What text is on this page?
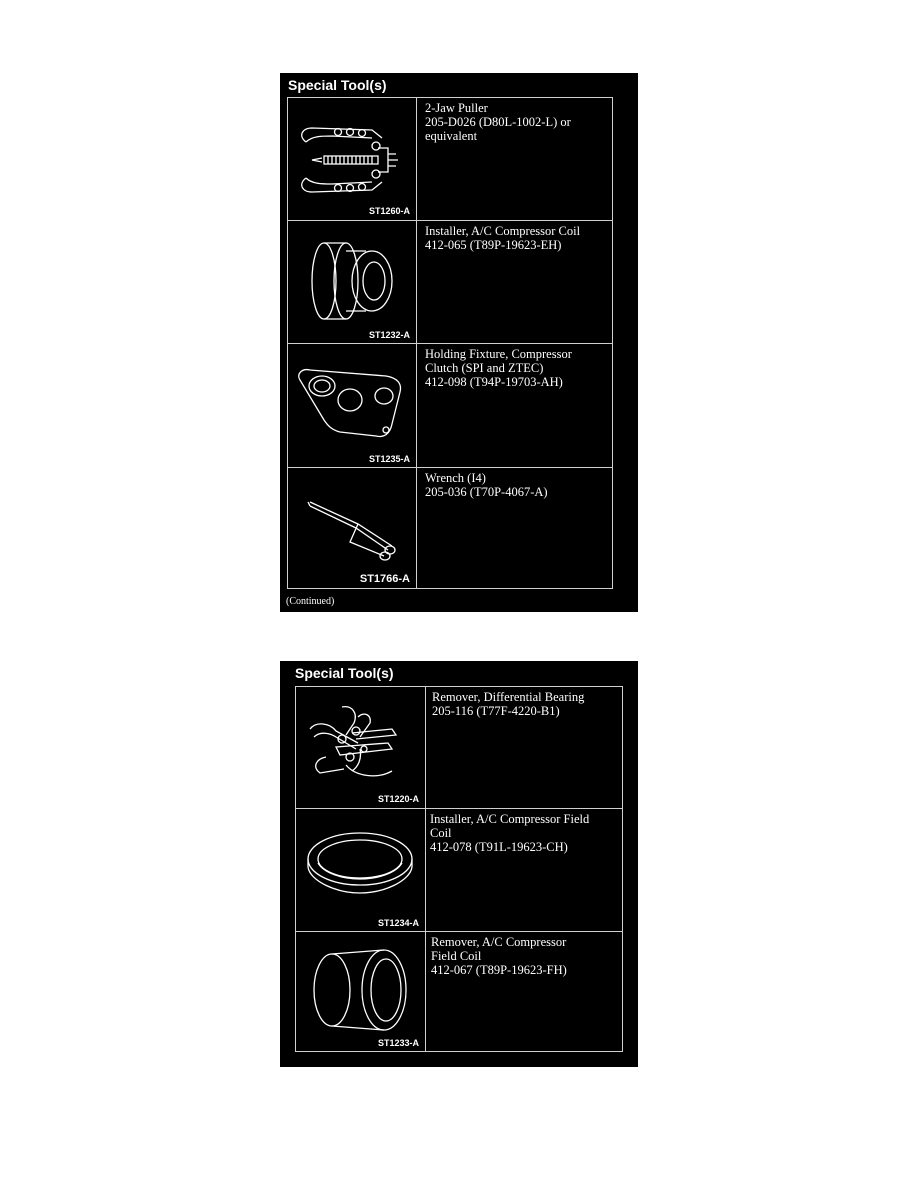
Special Tool(s)
ST1260-A
2-Jaw Puller
205-D026 (D80L-1002-L) or
equivalent
ST1232-A
Installer, A/C Compressor Coil
412-065 (T89P-19623-EH)
ST1235-A
Holding Fixture, Compressor
Clutch (SPI and ZTEC)
412-098 (T94P-19703-AH)
ST1766-A
Wrench (I4)
205-036 (T70P-4067-A)
(Continued)
Special Tool(s)
ST1220-A
Remover, Differential Bearing
205-116 (T77F-4220-B1)
ST1234-A
Installer, A/C Compressor Field
Coil
412-078 (T91L-19623-CH)
ST1233-A
Remover, A/C Compressor
Field Coil
412-067 (T89P-19623-FH)
